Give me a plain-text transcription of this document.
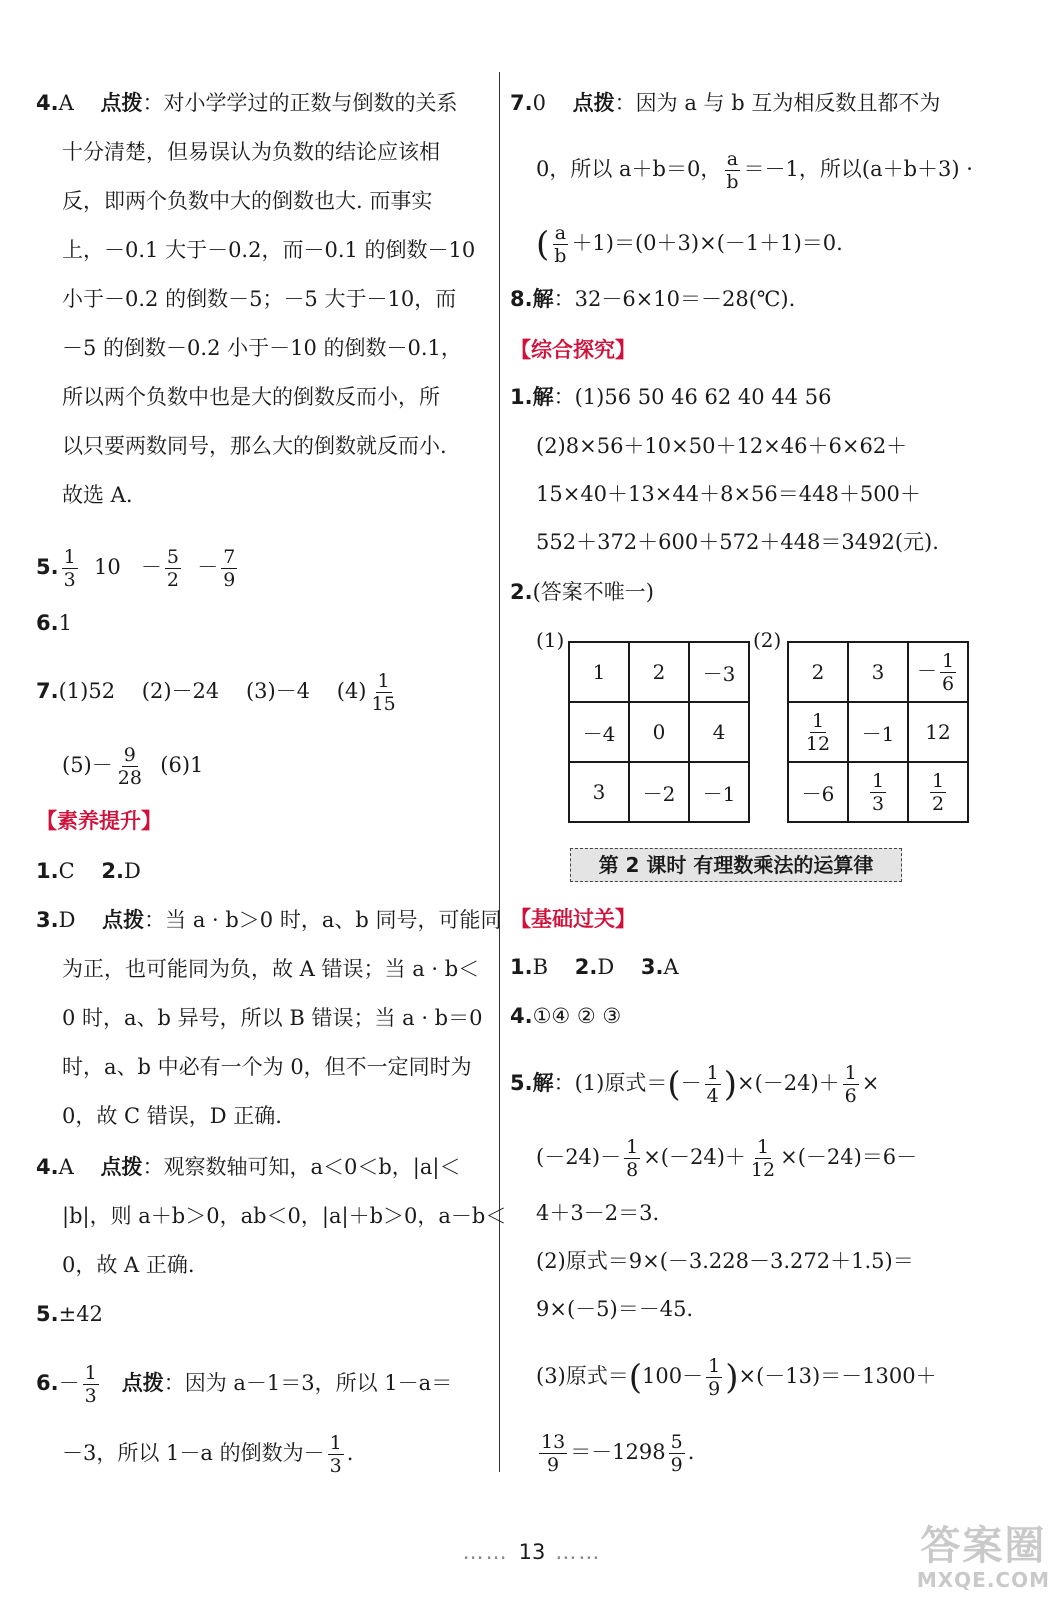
4.A 点拨：对小学学过的正数与倒数的关系
十分清楚，但易误认为负数的结论应该相
反，即两个负数中大的倒数也大. 而事实
上，－0.1 大于－0.2，而－0.1 的倒数－10
小于－0.2 的倒数－5；－5 大于－10，而
－5 的倒数－0.2 小于－10 的倒数－0.1，
所以两个负数中也是大的倒数反而小，所
以只要两数同号，那么大的倒数就反而小.
故选 A.
5. $\frac{1}{3} 10 - \frac{5}{2} - \frac{7}{9}$
6.1
7.(1)52 (2)－24 (3)－4 $(4) \frac{1}{15}$
$(5)- \frac{9}{28} (6)1$
【素养提升】
1.C 2.D
3.D 点拨：当 a · b＞0 时，a、b 同号，可能同
为正，也可能同为负，故 A 错误；当 a · b＜
0 时，a、b 异号，所以 B 错误；当 a · b＝0
时，a、b 中必有一个为 0，但不一定同时为
0，故 C 错误，D 正确.
4.A 点拨：观察数轴可知，a＜0＜b，|a|＜
|b|，则 a＋b＞0，ab＜0，|a|＋b＞0，a－b＜
0，故 A 正确.
5.±42
$6.- \frac{1}{3}$ 点拨：因为 a－1＝3，所以 1－a＝
－3，所以 1－a 的倒数为－ $\frac{1}{3}$ .
7.0 点拨：因为 a 与 b 互为相反数且都不为
0，所以 a＋b＝0， $\frac{a}{b} =-1$，所以(a＋b＋3) ·
( $\frac{a}{b} +1)=(0+3)\times(-1+1)=0$.
8.解：32－6×10＝－28(℃).
【综合探究】
1.解：(1)56 50 46 62 40 44 56
(2)8×56＋10×50＋12×46＋6×62＋
15×40＋13×44＋8×56＝448＋500＋
552＋372＋600＋572＋448＝3492(元).
2.(答案不唯一)
(1)
1	2	－3
－4	0	4
3	－2	－1
(2)
2	3	－ $\frac{1}{6}$

$\frac{1}{12}$	－1	12
－6	$\frac{1}{3}$	$\frac{1}{2}$
第 2 课时 有理数乘法的运算律
【基础过关】
1.B 2.D 3.A
4.①④ ② ③
5.解：(1)原式＝(－ $\frac{1}{4} )\times(-24)+ \frac{1}{6}$ ×
$(-24)- \frac{1}{8} \times(-24)+ \frac{1}{12} \times(-24)=6-$
4＋3－2＝3.
(2)原式＝9×(－3.228－3.272＋1.5)＝
9×(－5)＝－45.
(3)原式$=(100- \frac{1}{9} )\times(-13)=-1300+$
$\frac{13}{9} =-1298 \frac{5}{9}$ .
…… 13 ……	答案圈
MXQE.COM
